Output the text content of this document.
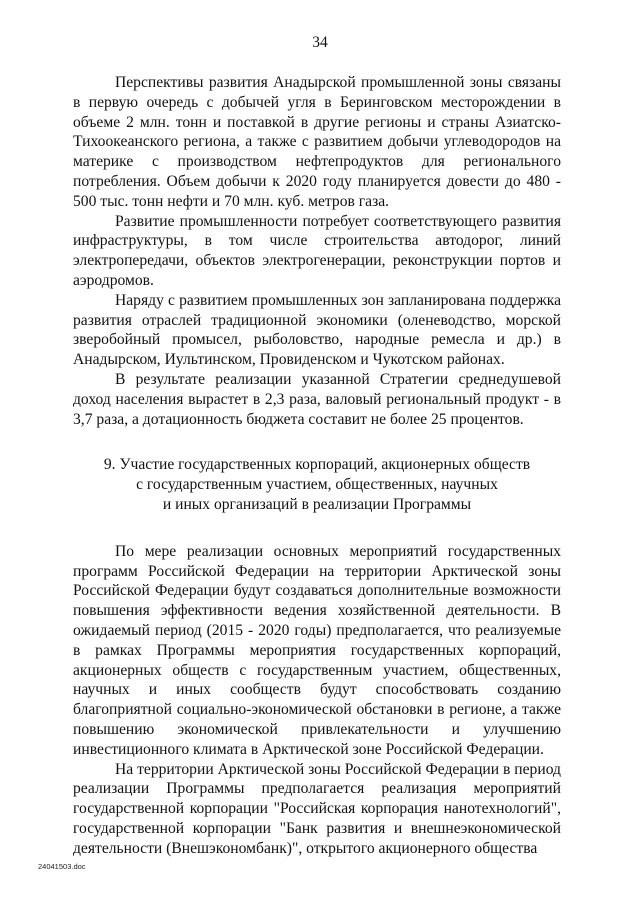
34

Перспективы развития Анадырской промышленной зоны связаны в первую очередь с добычей угля в Беринговском месторождении в объеме 2 млн. тонн и поставкой в другие регионы и страны Азиатско-Тихоокеанского региона, а также с развитием добычи углеводородов на материке с производством нефтепродуктов для регионального потребления. Объем добычи к 2020 году планируется довести до 480 - 500 тыс. тонн нефти и 70 млн. куб. метров газа.

Развитие промышленности потребует соответствующего развития инфраструктуры, в том числе строительства автодорог, линий электропередачи, объектов электрогенерации, реконструкции портов и аэродромов.

Наряду с развитием промышленных зон запланирована поддержка развития отраслей традиционной экономики (оленеводство, морской зверобойный промысел, рыболовство, народные ремесла и др.) в Анадырском, Иультинском, Провиденском и Чукотском районах.

В результате реализации указанной Стратегии среднедушевой доход населения вырастет в 2,3 раза, валовый региональный продукт - в 3,7 раза, а дотационность бюджета составит не более 25 процентов.

9. Участие государственных корпораций, акционерных обществ
с государственным участием, общественных, научных
и иных организаций в реализации Программы

По мере реализации основных мероприятий государственных программ Российской Федерации на территории Арктической зоны Российской Федерации будут создаваться дополнительные возможности повышения эффективности ведения хозяйственной деятельности. В ожидаемый период (2015 - 2020 годы) предполагается, что реализуемые в рамках Программы мероприятия государственных корпораций, акционерных обществ с государственным участием, общественных, научных и иных сообществ будут способствовать созданию благоприятной социально-экономической обстановки в регионе, а также повышению экономической привлекательности и улучшению инвестиционного климата в Арктической зоне Российской Федерации.

На территории Арктической зоны Российской Федерации в период реализации Программы предполагается реализация мероприятий государственной корпорации "Российская корпорация нанотехнологий", государственной корпорации "Банк развития и внешнеэкономической деятельности (Внешэкономбанк)", открытого акционерного общества

24041503.doc
